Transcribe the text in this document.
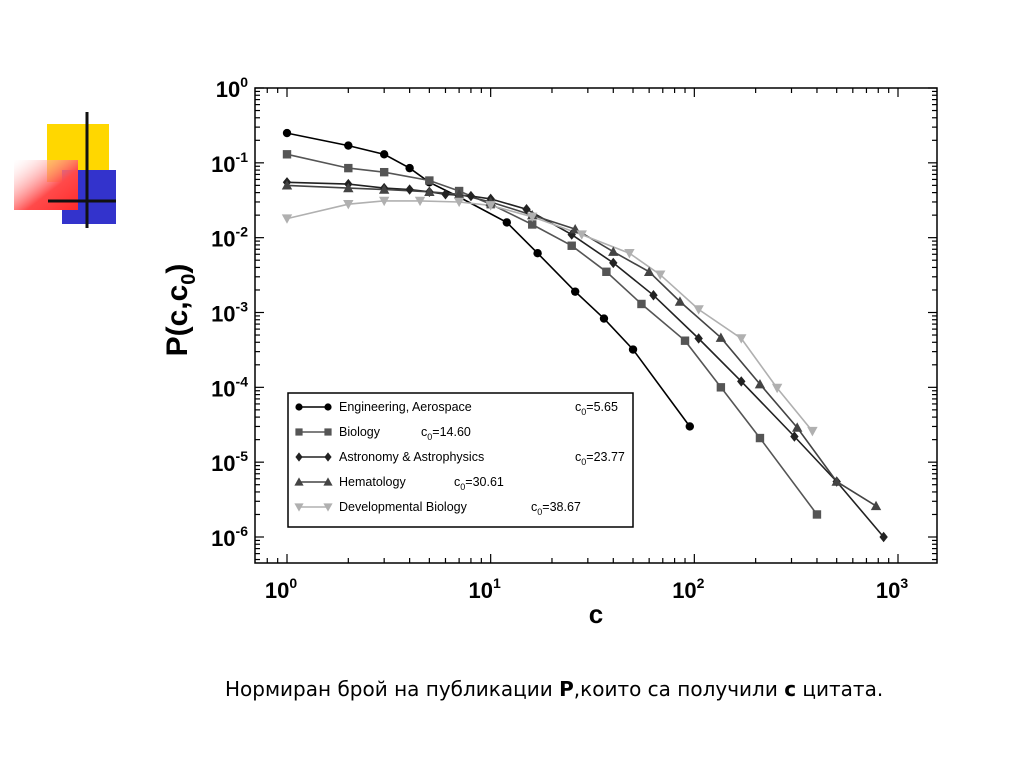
$10^0$	$10^1$	$10^2$	$10^3$
$10^{-6}$
$10^{-5}$
$10^{-4}$
$10^{-3}$
$10^{-2}$
$10^{-1}$
$10^0$
c
$P(c,c_0)$
Engineering, Aerospace	$c_0=5.65$
Biology	$c_0=14.60$
Astronomy & Astrophysics	$c_0=23.77$
Hematology	$c_0=30.61$
Developmental Biology	$c_0=38.67$
Нормиран брой на публикации P,които са получили c цитата.
